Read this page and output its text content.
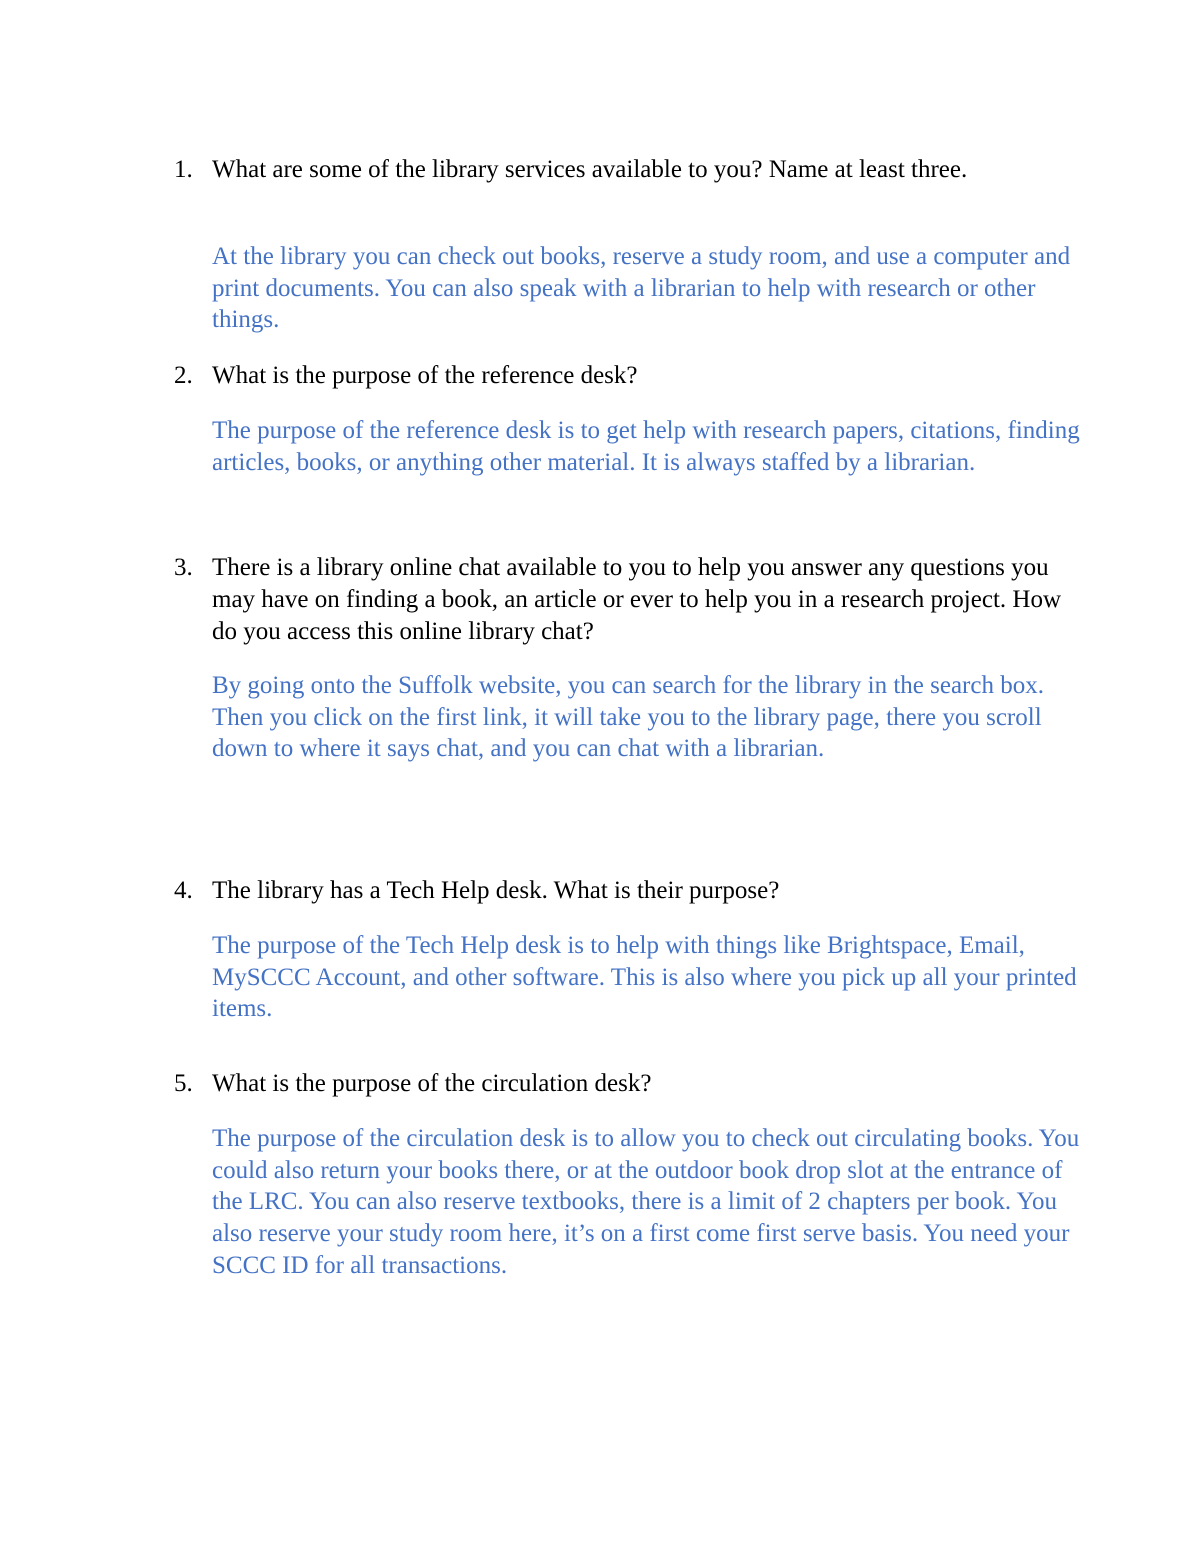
1. What are some of the library services available to you? Name at least three.

At the library you can check out books, reserve a study room, and use a computer and print documents. You can also speak with a librarian to help with research or other things.

2. What is the purpose of the reference desk?

The purpose of the reference desk is to get help with research papers, citations, finding articles, books, or anything other material. It is always staffed by a librarian.

3. There is a library online chat available to you to help you answer any questions you may have on finding a book, an article or ever to help you in a research project. How do you access this online library chat?

By going onto the Suffolk website, you can search for the library in the search box. Then you click on the first link, it will take you to the library page, there you scroll down to where it says chat, and you can chat with a librarian.

4. The library has a Tech Help desk. What is their purpose?

The purpose of the Tech Help desk is to help with things like Brightspace, Email, MySCCC Account, and other software. This is also where you pick up all your printed items.

5. What is the purpose of the circulation desk?

The purpose of the circulation desk is to allow you to check out circulating books. You could also return your books there, or at the outdoor book drop slot at the entrance of the LRC. You can also reserve textbooks, there is a limit of 2 chapters per book. You also reserve your study room here, it’s on a first come first serve basis. You need your SCCC ID for all transactions.
